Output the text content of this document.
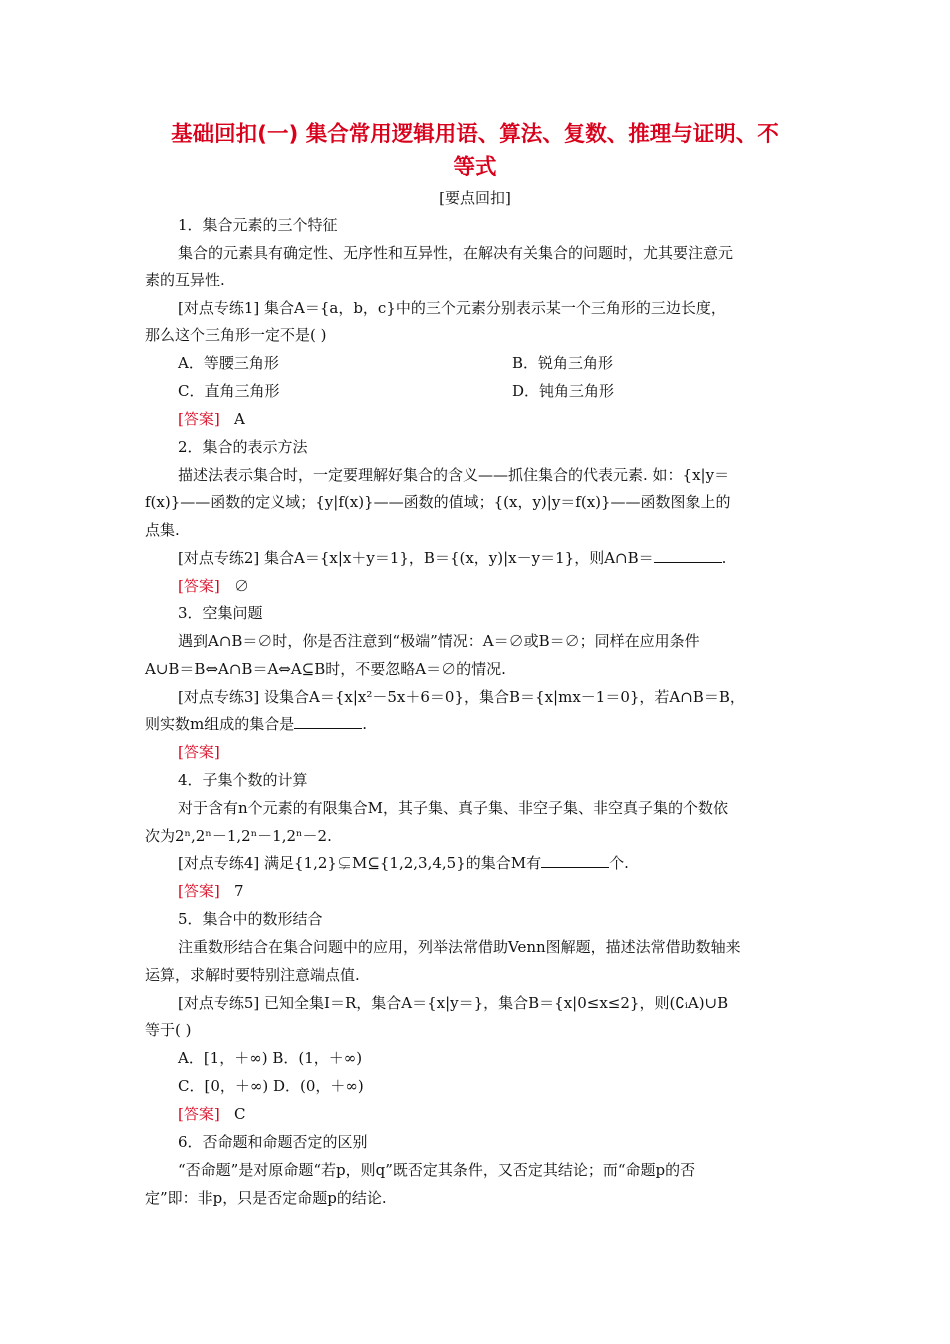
基础回扣(一) 集合常用逻辑用语、算法、复数、推理与证明、不
等式
[要点回扣]
1．集合元素的三个特征
集合的元素具有确定性、无序性和互异性，在解决有关集合的问题时，尤其要注意元
素的互异性.
[对点专练1] 集合A＝{a，b，c}中的三个元素分别表示某一个三角形的三边长度，
那么这个三角形一定不是( )
A．等腰三角形	B．锐角三角形
C．直角三角形	D．钝角三角形
[答案] A
2．集合的表示方法
描述法表示集合时，一定要理解好集合的含义——抓住集合的代表元素. 如：{x|y＝
f(x)}——函数的定义域；{y|f(x)}——函数的值域；{(x，y)|y＝f(x)}——函数图象上的
点集.
[对点专练2] 集合A＝{x|x＋y＝1}，B＝{(x，y)|x－y＝1}，则A∩B＝	.
[答案] ∅
3．空集问题
遇到A∩B＝∅时，你是否注意到“极端”情况：A＝∅或B＝∅；同样在应用条件
A∪B＝B⇔A∩B＝A⇔A⊆B时，不要忽略A＝∅的情况.
[对点专练3] 设集合A＝{x|x²－5x＋6＝0}，集合B＝{x|mx－1＝0}，若A∩B＝B，
则实数m组成的集合是	.
[答案]
4．子集个数的计算
对于含有n个元素的有限集合M，其子集、真子集、非空子集、非空真子集的个数依
次为2ⁿ,2ⁿ－1,2ⁿ－1,2ⁿ－2.
[对点专练4] 满足{1,2}⊊M⊆{1,2,3,4,5}的集合M有	个.
[答案] 7
5．集合中的数形结合
注重数形结合在集合问题中的应用，列举法常借助Venn图解题，描述法常借助数轴来
运算，求解时要特别注意端点值.
[对点专练5] 已知全集I＝R，集合A＝{x|y＝}，集合B＝{x|0≤x≤2}，则(∁ᵢA)∪B
等于( )
A．[1，＋∞) B．(1，＋∞)
C．[0，＋∞) D．(0，＋∞)
[答案] C
6．否命题和命题否定的区别
“否命题”是对原命题“若p，则q”既否定其条件，又否定其结论；而“命题p的否
定”即：非p，只是否定命题p的结论.
